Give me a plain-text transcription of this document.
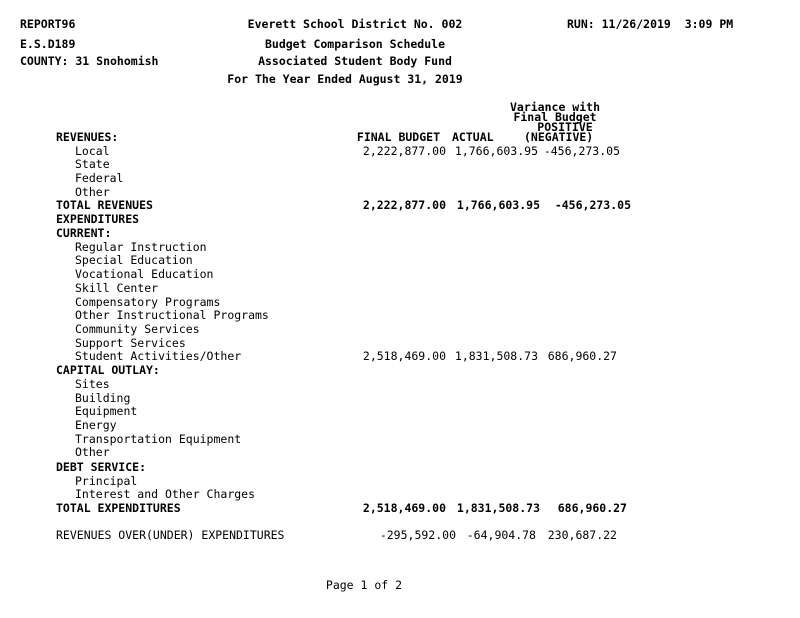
REPORT96
E.S.D189
COUNTY: 31 Snohomish
Everett School District No. 002
Budget Comparison Schedule
Associated Student Body Fund
For The Year Ended August 31, 2019
RUN: 11/26/2019  3:09 PM
Variance with
Final Budget
POSITIVE
FINAL BUDGET ACTUAL	(NEGATIVE)
REVENUES:
Local	2,222,877.00 1,766,603.95 -456,273.05
State
Federal
Other
TOTAL REVENUES	2,222,877.00 1,766,603.95	-456,273.05
EXPENDITURES
CURRENT:
Regular Instruction
Special Education
Vocational Education
Skill Center
Compensatory Programs
Other Instructional Programs
Community Services
Support Services
Student Activities/Other	2,518,469.00 1,831,508.73 686,960.27
CAPITAL OUTLAY:
Sites
Building
Equipment
Energy
Transportation Equipment
Other
DEBT SERVICE:
Principal
Interest and Other Charges
TOTAL EXPENDITURES	2,518,469.00 1,831,508.73	686,960.27
REVENUES OVER(UNDER) EXPENDITURES	-295,592.00 -64,904.78	230,687.22
Page 1 of 2
